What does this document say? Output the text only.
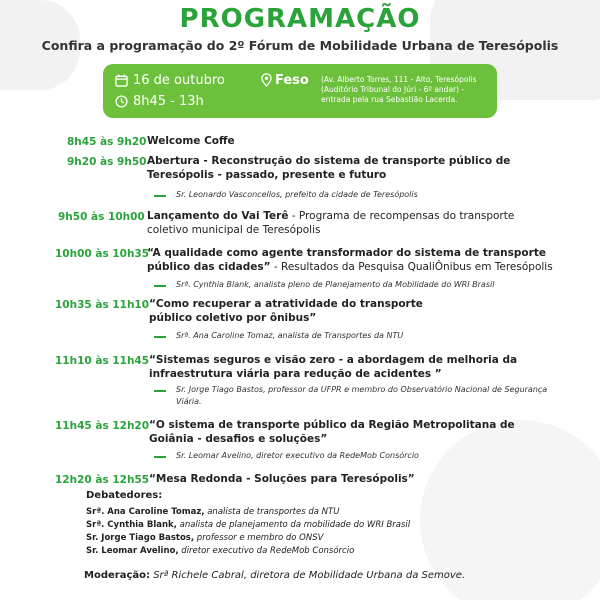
PROGRAMAÇÃO
Confira a programação do 2º Fórum de Mobilidade Urbana de Teresópolis
16 de outubro
8h45 - 13h
Feso (Av. Alberto Torres, 111 - Alto, Teresópolis (Auditório Tribunal do Júri - 6º andar) - entrada pela rua Sebastião Lacerda.
8h45 às 9h20 Welcome Coffe
9h20 às 9h50 Abertura - Reconstrução do sistema de transporte público de Teresópolis - passado, presente e futuro
Sr. Leonardo Vasconcellos, prefeito da cidade de Teresópolis
9h50 às 10h00 Lançamento do Vai Terê - Programa de recompensas do transporte coletivo municipal de Teresópolis
10h00 às 10h35
“A qualidade como agente transformador do sistema de transporte público das cidades” - Resultados da Pesquisa QualiÔnibus em Teresópolis
Srª. Cynthia Blank, analista pleno de Planejamento da Mobilidade do WRI Brasil
10h35 às 11h10 “Como recuperar a atratividade do transporte público coletivo por ônibus”
Srª. Ana Caroline Tomaz, analista de Transportes da NTU
11h10 às 11h45 “Sistemas seguros e visão zero - a abordagem de melhoria da infraestrutura viária para redução de acidentes ”
Sr. Jorge Tiago Bastos, professor da UFPR e membro do Observatório Nacional de Segurança Viária.
11h45 às 12h20 “O sistema de transporte público da Região Metropolitana de Goiânia - desafios e soluções”
Sr. Leomar Avelino, diretor executivo da RedeMob Consórcio
12h20 às 12h55 “Mesa Redonda - Soluções para Teresópolis”
Debatedores:
Srª. Ana Caroline Tomaz, analista de transportes da NTU
Srª. Cynthia Blank, analista de planejamento da mobilidade do WRI Brasil
Sr. Jorge Tiago Bastos, professor e membro do ONSV
Sr. Leomar Avelino, diretor executivo da RedeMob Consórcio
Moderação: Srª Richele Cabral, diretora de Mobilidade Urbana da Semove.
